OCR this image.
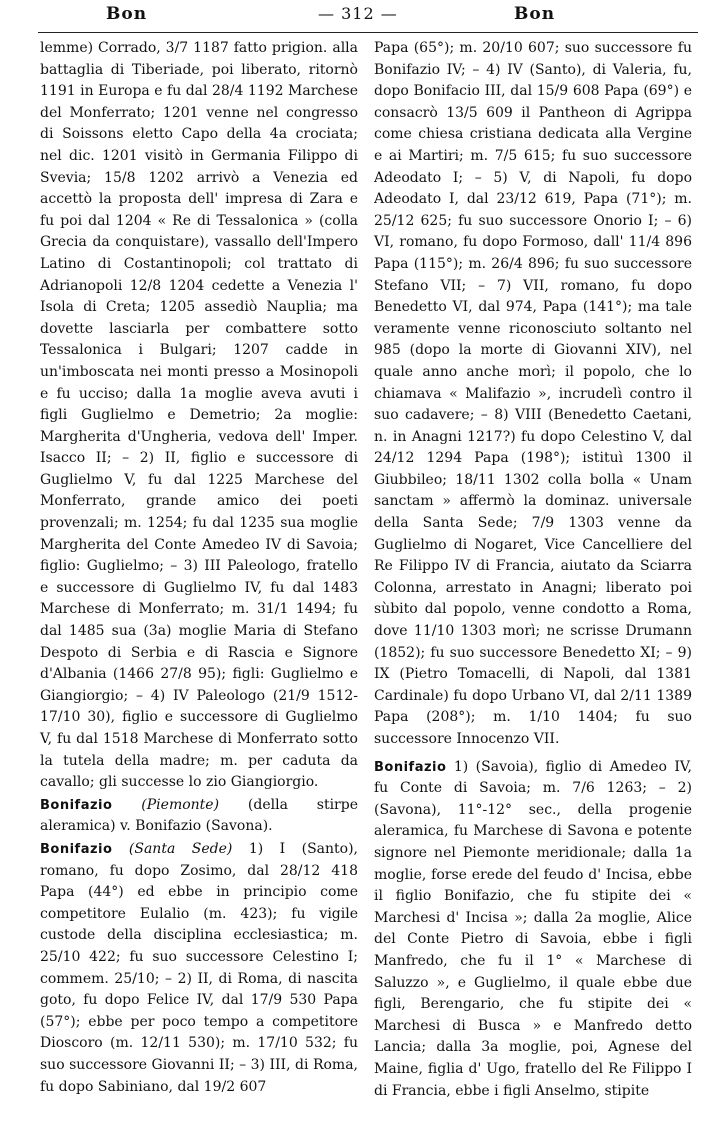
Bon	— 312 —	Bon

lemme) Corrado, 3/7 1187 fatto prigion. alla battaglia di Tiberiade, poi liberato, ritornò 1191 in Europa e fu dal 28/4 1192 Marchese del Monferrato; 1201 venne nel congresso di Soissons eletto Capo della 4a crociata; nel dic. 1201 visitò in Germania Filippo di Svevia; 15/8 1202 arrivò a Venezia ed accettò la proposta dell' impresa di Zara e fu poi dal 1204 « Re di Tessalonica » (colla Grecia da conquistare), vassallo dell'Impero Latino di Costantinopoli; col trattato di Adrianopoli 12/8 1204 cedette a Venezia l' Isola di Creta; 1205 assediò Nauplia; ma dovette lasciarla per combattere sotto Tessalonica i Bulgari; 1207 cadde in un'imboscata nei monti presso a Mosinopoli e fu ucciso; dalla 1a moglie aveva avuti i figli Guglielmo e Demetrio; 2a moglie: Margherita d'Ungheria, vedova dell' Imper. Isacco II; – 2) II, figlio e successore di Guglielmo V, fu dal 1225 Marchese del Monferrato, grande amico dei poeti provenzali; m. 1254; fu dal 1235 sua moglie Margherita del Conte Amedeo IV di Savoia; figlio: Guglielmo; – 3) III Paleologo, fratello e successore di Guglielmo IV, fu dal 1483 Marchese di Monferrato; m. 31/1 1494; fu dal 1485 sua (3a) moglie Maria di Stefano Despoto di Serbia e di Rascia e Signore d'Albania (1466 27/8 95); figli: Guglielmo e Giangiorgio; – 4) IV Paleologo (21/9 1512-17/10 30), figlio e successore di Guglielmo V, fu dal 1518 Marchese di Monferrato sotto la tutela della madre; m. per caduta da cavallo; gli successe lo zio Giangiorgio.

Bonifazio (Piemonte) (della stirpe aleramica) v. Bonifazio (Savona).

Bonifazio (Santa Sede) 1) I (Santo), romano, fu dopo Zosimo, dal 28/12 418 Papa (44°) ed ebbe in principio come competitore Eulalio (m. 423); fu vigile custode della disciplina ecclesiastica; m. 25/10 422; fu suo successore Celestino I; commem. 25/10; – 2) II, di Roma, di nascita goto, fu dopo Felice IV, dal 17/9 530 Papa (57°); ebbe per poco tempo a competitore Dioscoro (m. 12/11 530); m. 17/10 532; fu suo successore Giovanni II; – 3) III, di Roma, fu dopo Sabiniano, dal 19/2 607

Papa (65°); m. 20/10 607; suo successore fu Bonifazio IV; – 4) IV (Santo), di Valeria, fu, dopo Bonifacio III, dal 15/9 608 Papa (69°) e consacrò 13/5 609 il Pantheon di Agrippa come chiesa cristiana dedicata alla Vergine e ai Martiri; m. 7/5 615; fu suo successore Adeodato I; – 5) V, di Napoli, fu dopo Adeodato I, dal 23/12 619, Papa (71°); m. 25/12 625; fu suo successore Onorio I; – 6) VI, romano, fu dopo Formoso, dall' 11/4 896 Papa (115°); m. 26/4 896; fu suo successore Stefano VII; – 7) VII, romano, fu dopo Benedetto VI, dal 974, Papa (141°); ma tale veramente venne riconosciuto soltanto nel 985 (dopo la morte di Giovanni XIV), nel quale anno anche morì; il popolo, che lo chiamava « Malifazio », incrudelì contro il suo cadavere; – 8) VIII (Benedetto Caetani, n. in Anagni 1217?) fu dopo Celestino V, dal 24/12 1294 Papa (198°); istituì 1300 il Giubbileo; 18/11 1302 colla bolla « Unam sanctam » affermò la dominaz. universale della Santa Sede; 7/9 1303 venne da Guglielmo di Nogaret, Vice Cancelliere del Re Filippo IV di Francia, aiutato da Sciarra Colonna, arrestato in Anagni; liberato poi sùbito dal popolo, venne condotto a Roma, dove 11/10 1303 morì; ne scrisse Drumann (1852); fu suo successore Benedetto XI; – 9) IX (Pietro Tomacelli, di Napoli, dal 1381 Cardinale) fu dopo Urbano VI, dal 2/11 1389 Papa (208°); m. 1/10 1404; fu suo successore Innocenzo VII.

Bonifazio 1) (Savoia), figlio di Amedeo IV, fu Conte di Savoia; m. 7/6 1263; – 2) (Savona), 11°-12° sec., della progenie aleramica, fu Marchese di Savona e potente signore nel Piemonte meridionale; dalla 1a moglie, forse erede del feudo d' Incisa, ebbe il figlio Bonifazio, che fu stipite dei « Marchesi d' Incisa »; dalla 2a moglie, Alice del Conte Pietro di Savoia, ebbe i figli Manfredo, che fu il 1° « Marchese di Saluzzo », e Guglielmo, il quale ebbe due figli, Berengario, che fu stipite dei « Marchesi di Busca » e Manfredo detto Lancia; dalla 3a moglie, poi, Agnese del Maine, figlia d' Ugo, fratello del Re Filippo I di Francia, ebbe i figli Anselmo, stipite
